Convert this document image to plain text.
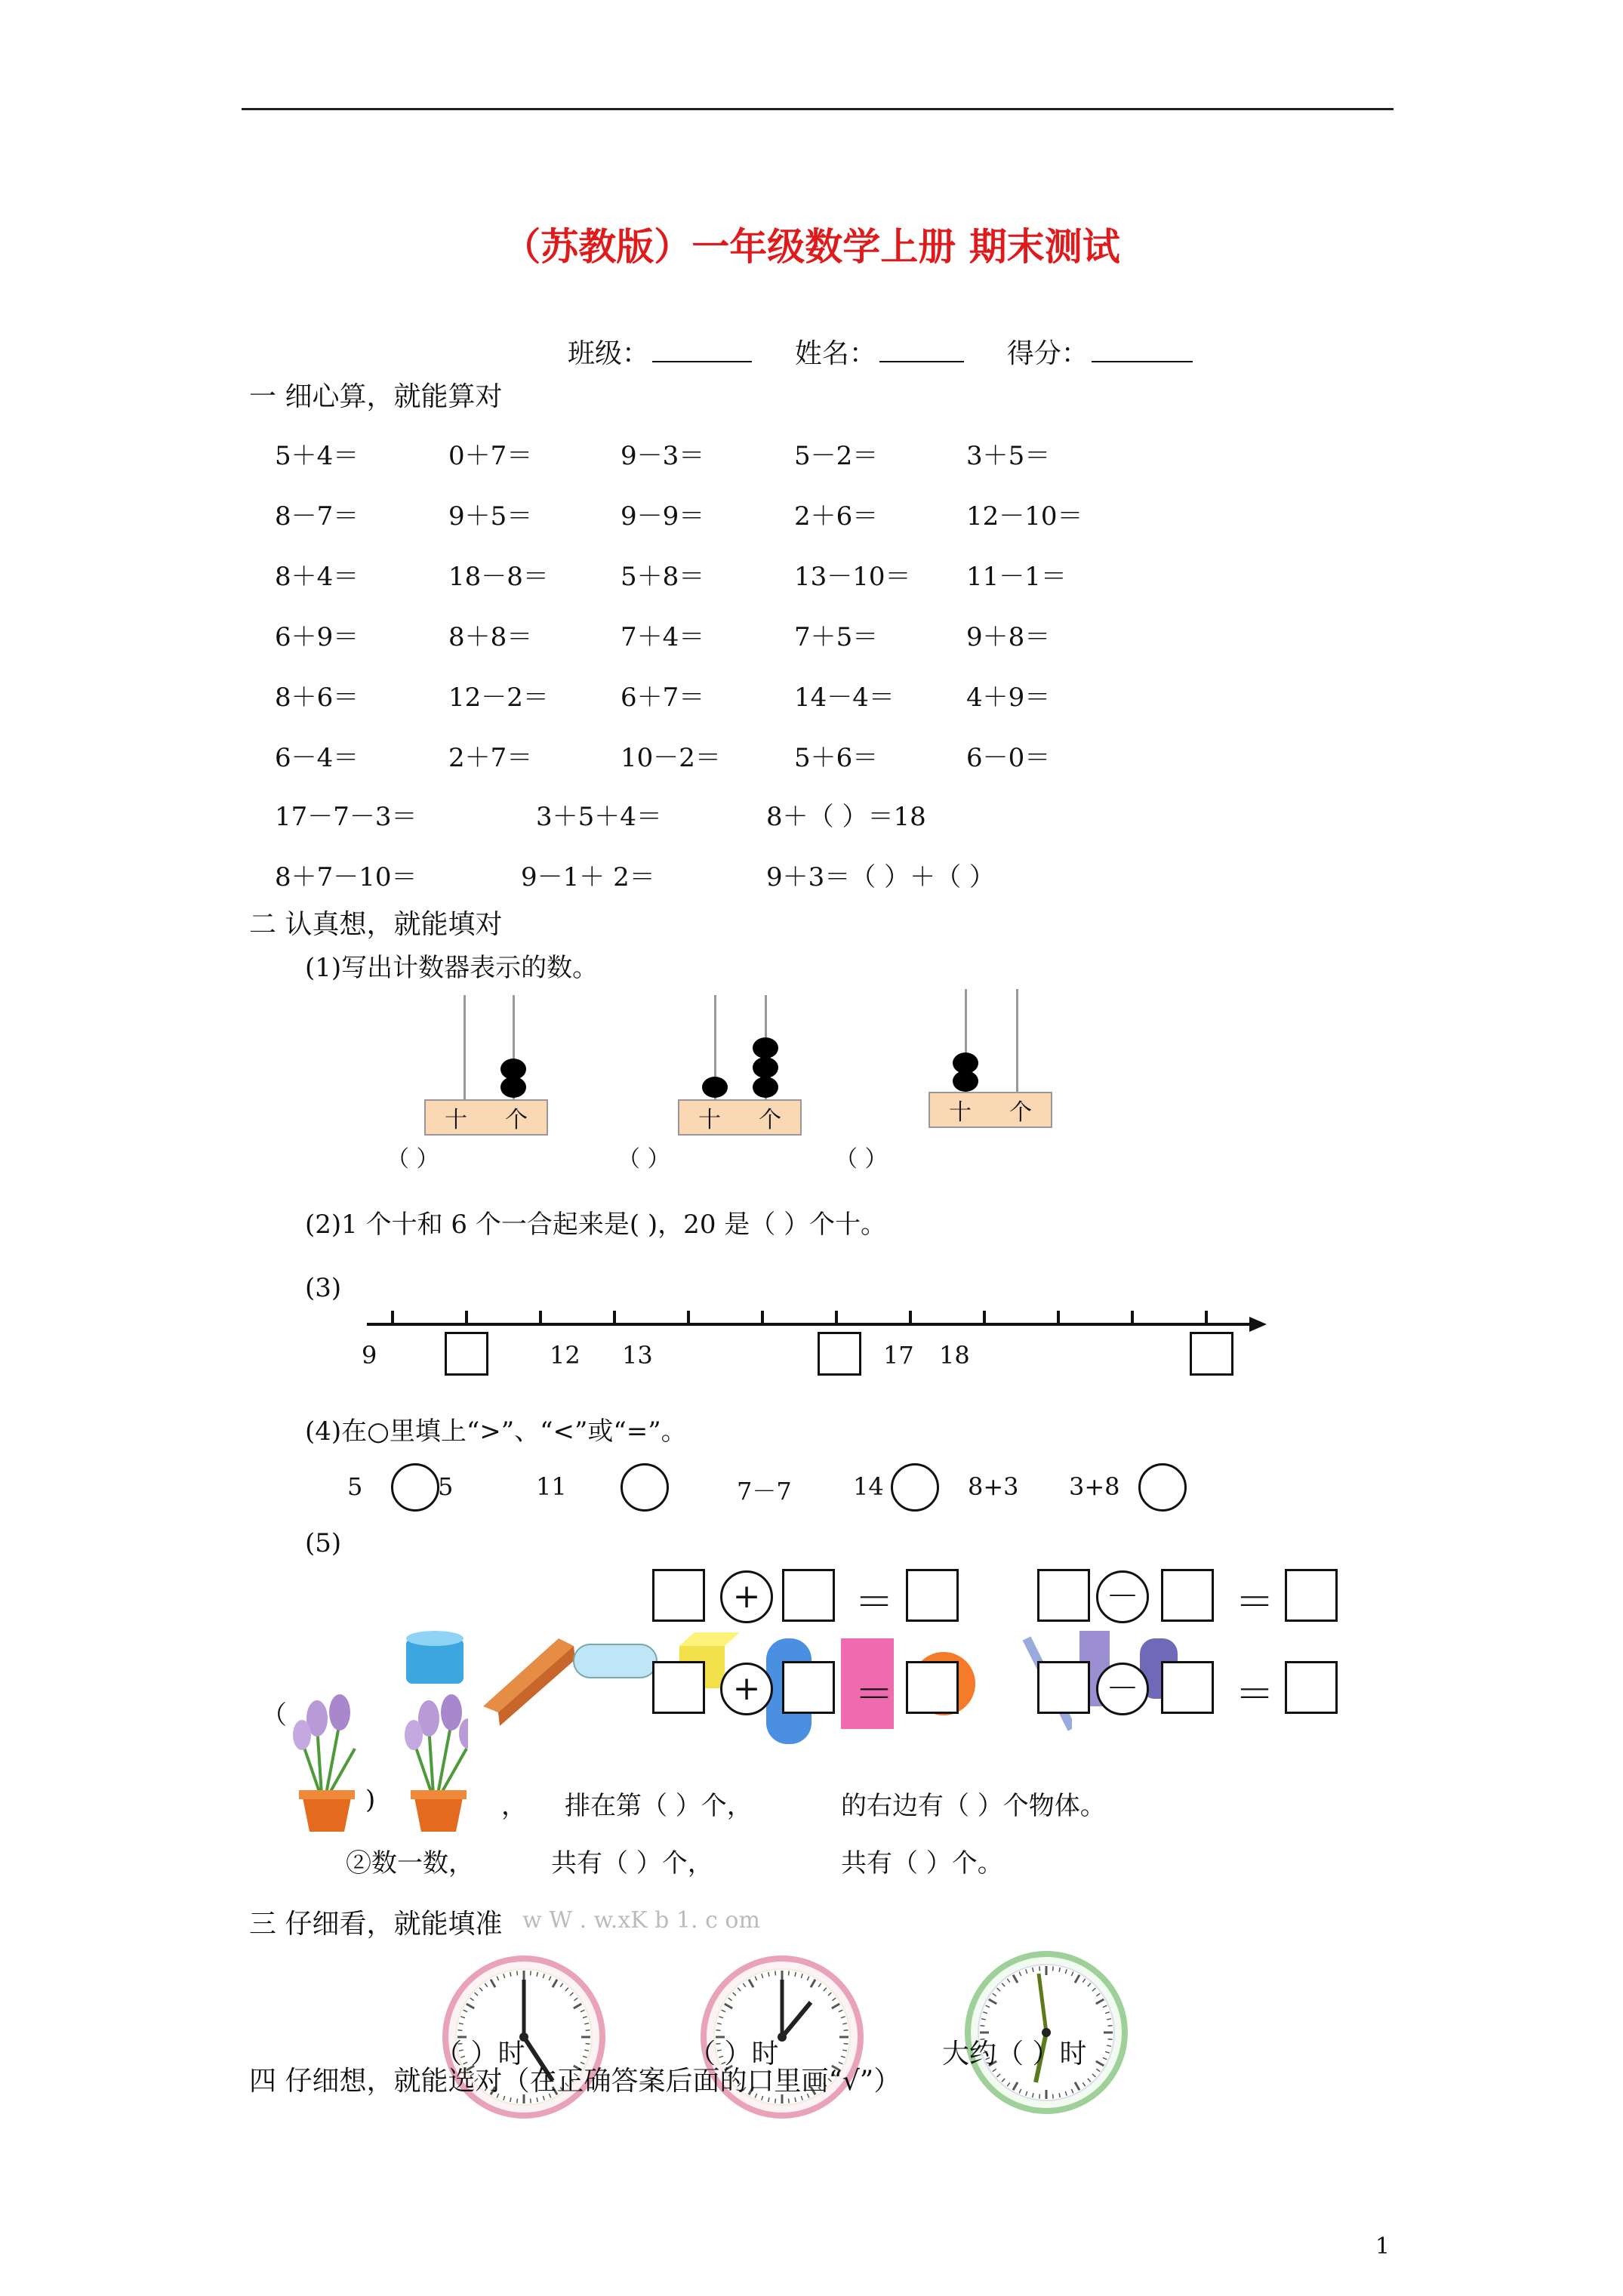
（苏教版）一年级数学上册 期末测试
班级：	姓名：	得分：
一 细心算，就能算对
5＋4＝	0＋7＝	9－3＝	5－2＝	3＋5＝
8－7＝	9＋5＝	9－9＝	2＋6＝	12－10＝
8＋4＝	18－8＝	5＋8＝	13－10＝ 11－1＝
6＋9＝	8＋8＝	7＋4＝	7＋5＝	9＋8＝
8＋6＝	12－2＝	6＋7＝	14－4＝	4＋9＝
6－4＝	2＋7＝	10－2＝	5＋6＝	6－0＝
17－7－3＝	3＋5＋4＝	8＋（ ）＝18
8＋7－10＝	9－1＋ 2＝	9＋3＝（ ）＋（ ）
二 认真想，就能填对
(1)写出计数器表示的数。
十 个
（ ）
十 个
（ ）
十 个
（ ）
(2)1 个十和 6 个一合起来是( )，20 是（ ）个十。
(3)
9	12 13	17 18
(4)在○里填上“>”、“<”或“=”。
5	5	11	7－7	14	8+3 3+8
(5)
+	＝	－ ＝
+	－ ＝
＝
（
)	， 排在第（ ）个，	的右边有（ ）个物体。
②数一数，	共有（ ）个，	共有（ ）个。
三 仔细看，就能填准 w W . w.xK b 1. c om
（ ）时	（ ）时	大约（ ）时
四 仔细想，就能选对（在正确答案后面的口里画“√”）
1
